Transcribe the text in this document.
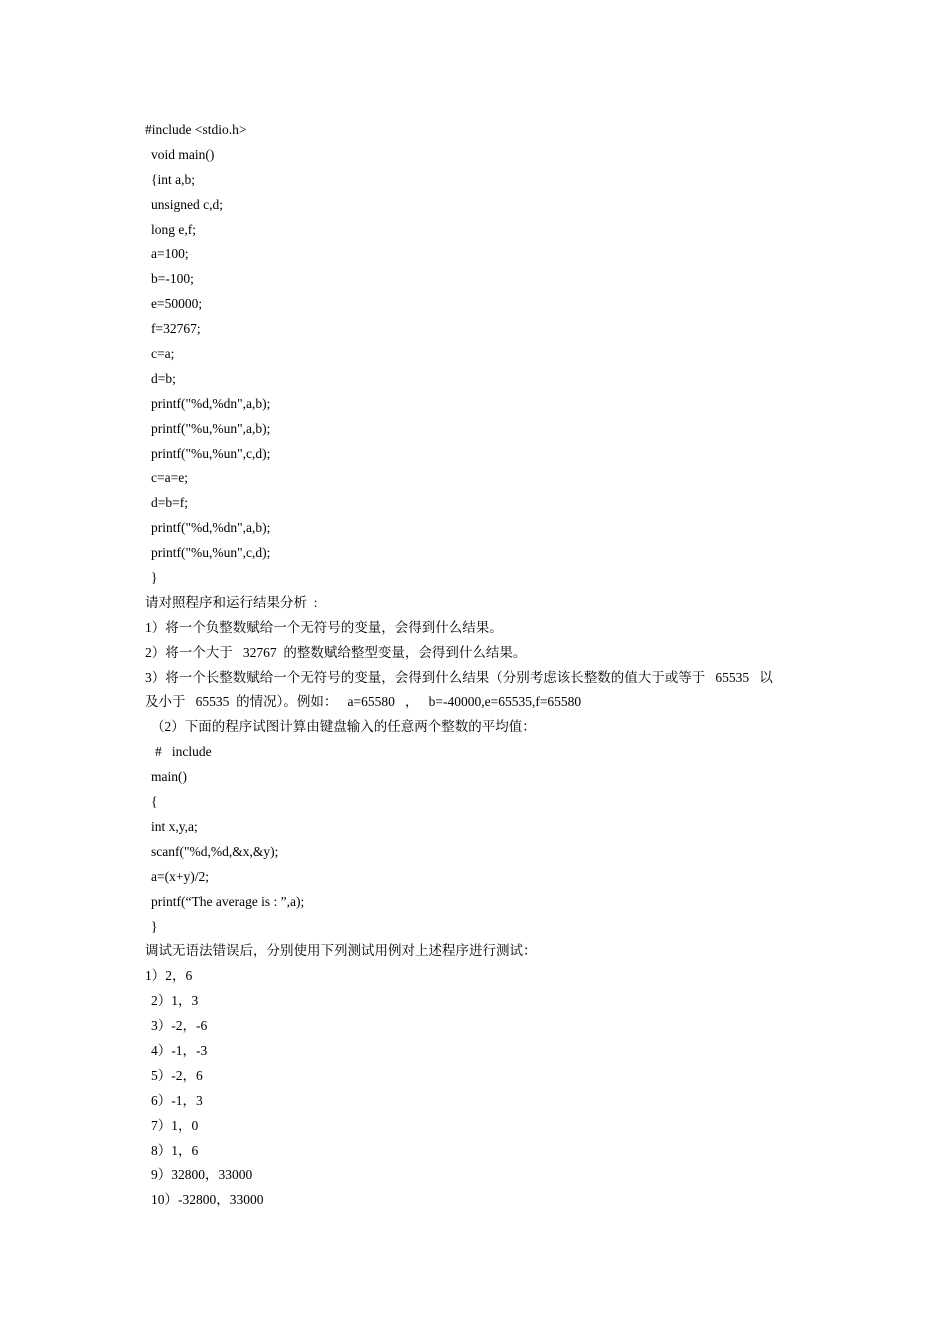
#include <stdio.h>
void main()
{int a,b;
unsigned c,d;
long e,f;
a=100;
b=-100;
e=50000;
f=32767;
c=a;
d=b;
printf("%d,%dn",a,b);
printf("%u,%un",a,b);
printf("%u,%un",c,d);
c=a=e;
d=b=f;
printf("%d,%dn",a,b);
printf("%u,%un",c,d);
}
请对照程序和运行结果分析  :
1）将一个负整数赋给一个无符号的变量，会得到什么结果。
2）将一个大于   32767  的整数赋给整型变量，会得到什么结果。
3）将一个长整数赋给一个无符号的变量，会得到什么结果（分别考虑该长整数的值大于或等于   65535   以
及小于   65535  的情况）。例如：   a=65580   ，   b=-40000,e=65535,f=65580
（2）下面的程序试图计算由键盘输入的任意两个整数的平均值：
#   include
main()
{
int x,y,a;
scanf("%d,%d,&x,&y);
a=(x+y)/2;
printf(“The average is : ”,a);
}
调试无语法错误后，分别使用下列测试用例对上述程序进行测试：
1）2，6
2）1，3
3）-2，-6
4）-1，-3
5）-2，6
6）-1，3
7）1，0
8）1，6
9）32800，33000
10）-32800，33000
